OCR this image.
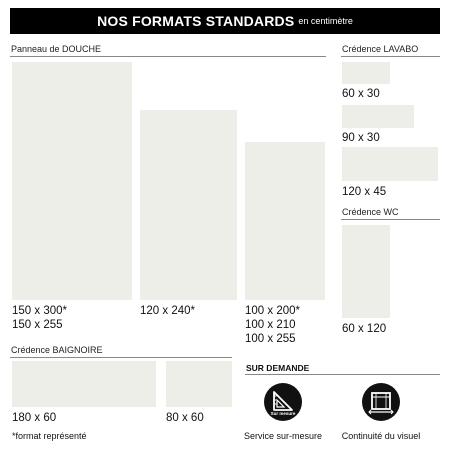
NOS FORMATS STANDARDS en centimètre
Panneau de DOUCHE
150 x 300*
150 x 255
120 x 240*	100 x 200*
100 x 210
100 x 255
Crédence LAVABO
60 x 30
90 x 30
120 x 45
Crédence WC
60 x 120
Crédence BAIGNOIRE
180 x 60	80 x 60
*format représenté
SUR DEMANDE
Sur mesure
Service sur-mesure	Continuité du visuel
